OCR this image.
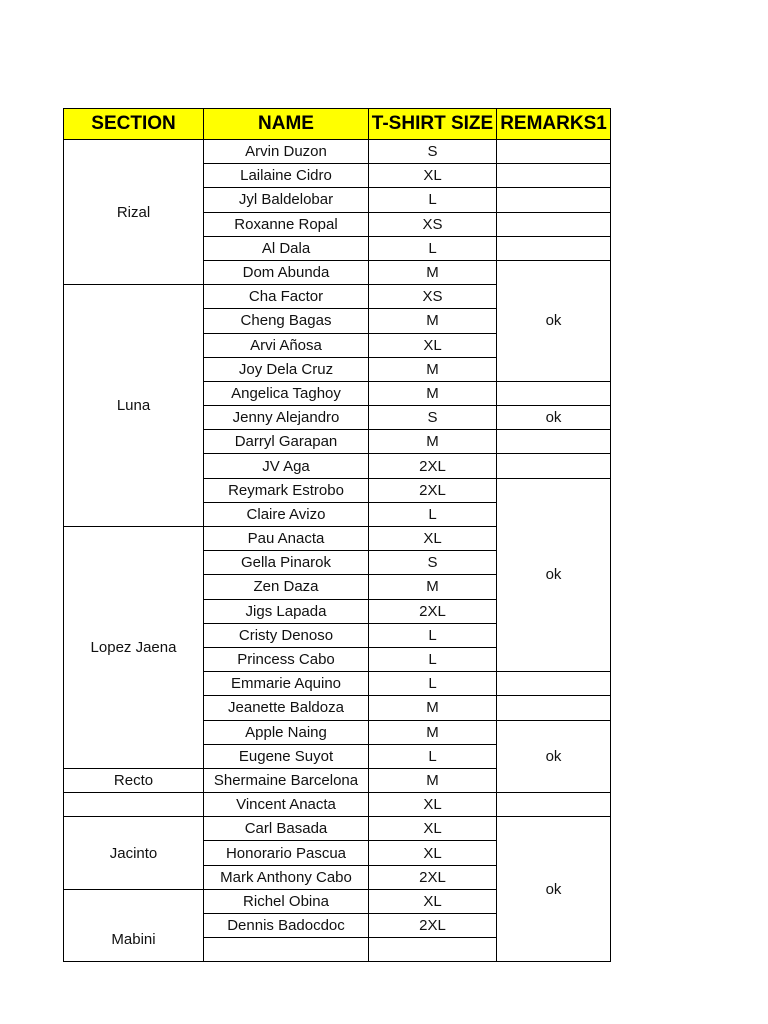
SECTION	NAME	T-SHIRT SIZE	REMARKS1
Rizal	Arvin Duzon	S	
	Lailaine Cidro	XL	
	Jyl Baldelobar	L	
	Roxanne Ropal	XS	
	Al Dala	L	
	Dom Abunda	M	ok
Luna	Cha Factor	XS	
	Cheng Bagas	M	
	Arvi Añosa	XL	
	Joy Dela Cruz	M	
	Angelica Taghoy	M	
	Jenny Alejandro	S	ok
	Darryl Garapan	M	
	JV Aga	2XL	
	Reymark Estrobo	2XL	ok
	Claire Avizo	L	
Lopez Jaena	Pau Anacta	XL	
	Gella Pinarok	S	
	Zen Daza	M	
	Jigs Lapada	2XL	
	Cristy Denoso	L	
	Princess Cabo	L	
	Emmarie Aquino	L	
	Jeanette Baldoza	M	
	Apple Naing	M	ok
	Eugene Suyot	L	
Recto	Shermaine Barcelona	M	
	Vincent Anacta	XL	
Jacinto	Carl Basada	XL	ok
	Honorario Pascua	XL	
	Mark Anthony Cabo	2XL	
Mabini	Richel Obina	XL	
	Dennis Badocdoc	2XL	
